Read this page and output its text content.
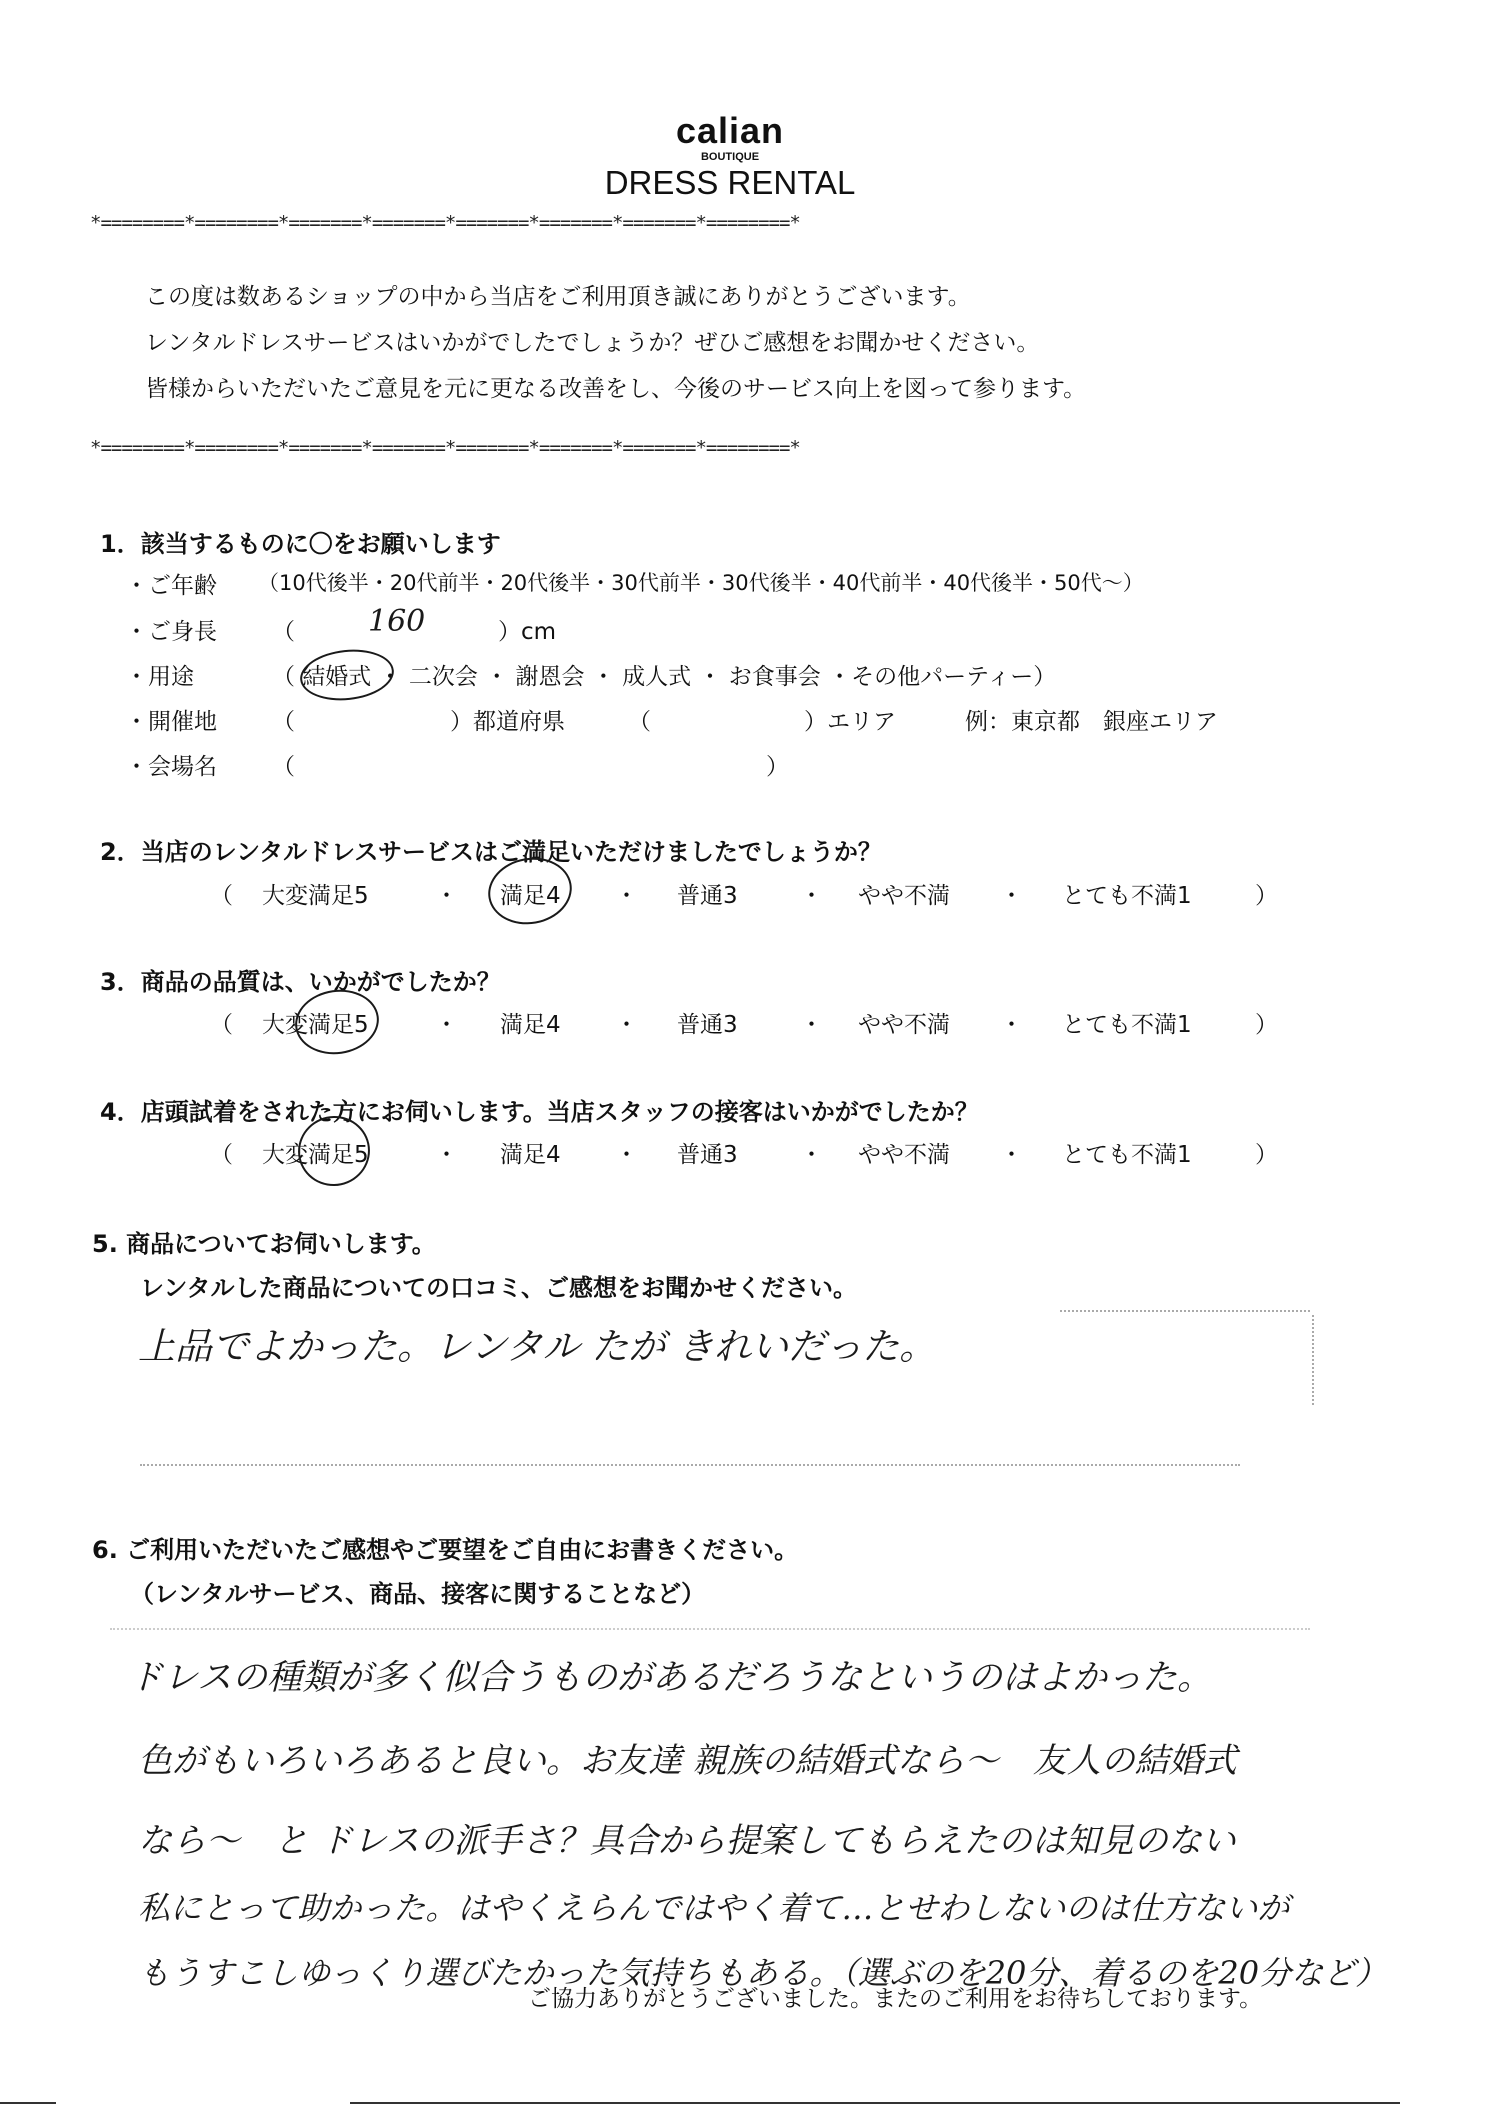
calian
BOUTIQUE
DRESS RENTAL
*========*========*=======*=======*=======*=======*=======*========*
この度は数あるショップの中から当店をご利用頂き誠にありがとうございます。
レンタルドレスサービスはいかがでしたでしょうか？ぜひご感想をお聞かせください。
皆様からいただいたご意見を元に更なる改善をし、今後のサービス向上を図って参ります。
*========*========*=======*=======*=======*=======*=======*========*
1．該当するものに〇をお願いします
・ご年齢 （10代後半・20代前半・20代後半・30代前半・30代後半・40代前半・40代後半・50代〜）
・ご身長 （ 160	）cm
・用途	（ 結婚式 ・ 二次会 ・ 謝恩会 ・ 成人式 ・ お食事会 ・その他パーティー）
・開催地 （	）都道府県	（	）エリア	例：東京都　銀座エリア
・会場名 （	）
2．当店のレンタルドレスサービスはご満足いただけましたでしょうか？
（ 大変満足5	・ 満足4 ・ 普通3	・ やや不満 ・ とても不満1	）
3．商品の品質は、いかがでしたか？
（ 大変満足5	・ 満足4 ・ 普通3	・ やや不満 ・ とても不満1	）
4．店頭試着をされた方にお伺いします。当店スタッフの接客はいかがでしたか？
（ 大変満足5	・ 満足4 ・ 普通3	・ やや不満 ・ とても不満1	）
5. 商品についてお伺いします。
レンタルした商品についての口コミ、ご感想をお聞かせください。
上品でよかった。レンタル たが きれいだった。
6. ご利用いただいたご感想やご要望をご自由にお書きください。
（レンタルサービス、商品、接客に関することなど）
ドレスの種類が多く似合うものがあるだろうなというのはよかった。
色がもいろいろあると良い。お友達 親族の結婚式なら〜　友人の結婚式
なら〜　と ドレスの派手さ？具合から提案してもらえたのは知見のない
私にとって助かった。はやくえらんではやく着て…とせわしないのは仕方ないが
もうすこしゆっくり選びたかった気持ちもある。（選ぶのを20分、着るのを20分など）
ご協力ありがとうございました。またのご利用をお待ちしております。
